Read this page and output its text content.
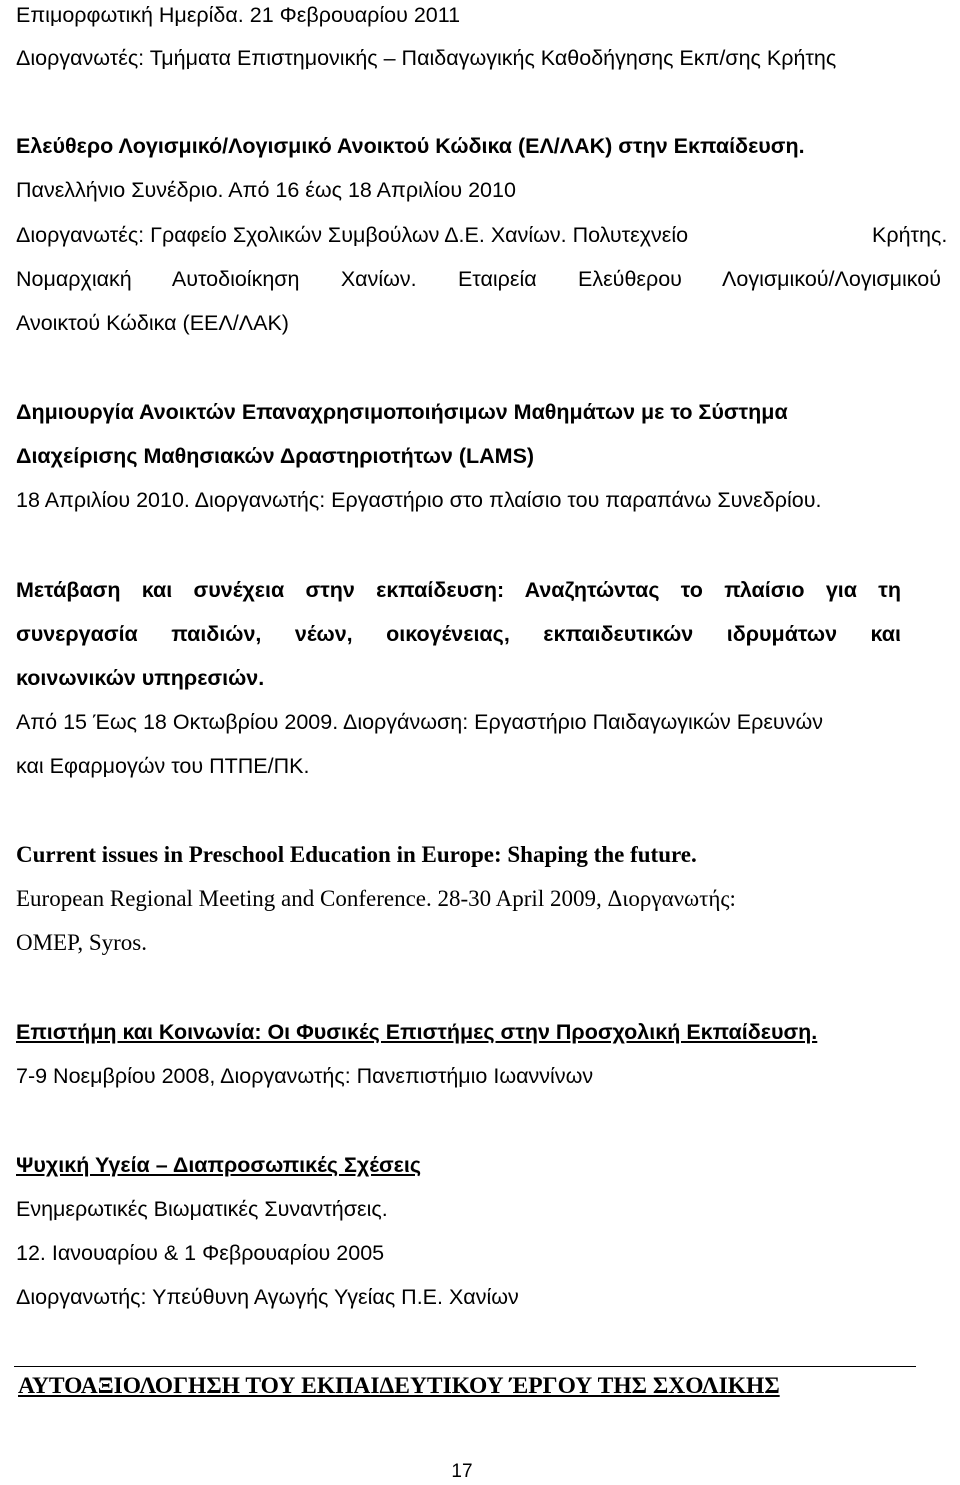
Επιμορφωτική Ημερίδα. 21 Φεβρουαρίου 2011
Διοργανωτές: Τμήματα Επιστημονικής – Παιδαγωγικής Καθοδήγησης Εκπ/σης Κρήτης
Ελεύθερο Λογισμικό/Λογισμικό Ανοικτού Κώδικα (ΕΛ/ΛΑΚ) στην Εκπαίδευση.
Πανελλήνιο Συνέδριο. Από 16 έως 18 Απριλίου 2010
Διοργανωτές: Γραφείο Σχολικών Συμβούλων Δ.Ε. Χανίων. Πολυτεχνείο	Κρήτης.
Νομαρχιακή Αυτοδιοίκηση Χανίων. Εταιρεία Ελεύθερου Λογισμικού/Λογισμικού
Ανοικτού Κώδικα (ΕΕΛ/ΛΑΚ)
Δημιουργία Ανοικτών Επαναχρησιμοποιήσιμων Μαθημάτων με το Σύστημα
Διαχείρισης Μαθησιακών Δραστηριοτήτων (LAMS)
18 Απριλίου 2010. Διοργανωτής: Εργαστήριο στο πλαίσιο του παραπάνω Συνεδρίου.
Μετάβαση και συνέχεια στην εκπαίδευση: Αναζητώντας το πλαίσιο για τη
συνεργασία παιδιών, νέων, οικογένειας, εκπαιδευτικών ιδρυμάτων και
κοινωνικών υπηρεσιών.
Από 15 Έως 18 Οκτωβρίου 2009. Διοργάνωση: Εργαστήριο Παιδαγωγικών Ερευνών
και Εφαρμογών του ΠΤΠΕ/ΠΚ.
Current issues in Preschool Education in Europe: Shaping the future.
European Regional Meeting and Conference. 28-30 April 2009, Διοργανωτής:
OMEP, Syros.
Επιστήμη και Κοινωνία: Οι Φυσικές Επιστήμες στην Προσχολική Εκπαίδευση.
7-9 Νοεμβρίου 2008, Διοργανωτής: Πανεπιστήμιο Ιωαννίνων
Ψυχική Υγεία – Διαπροσωπικές Σχέσεις
Ενημερωτικές Βιωματικές Συναντήσεις.
12. Ιανουαρίου & 1 Φεβρουαρίου 2005
Διοργανωτής: Υπεύθυνη Αγωγής Υγείας Π.Ε. Χανίων
ΑΥΤΟΑΞΙΟΛΟΓΗΣΗ ΤΟΥ ΕΚΠΑΙΔΕΥΤΙΚΟΥ ΈΡΓΟΥ ΤΗΣ ΣΧΟΛΙΚΗΣ
17
